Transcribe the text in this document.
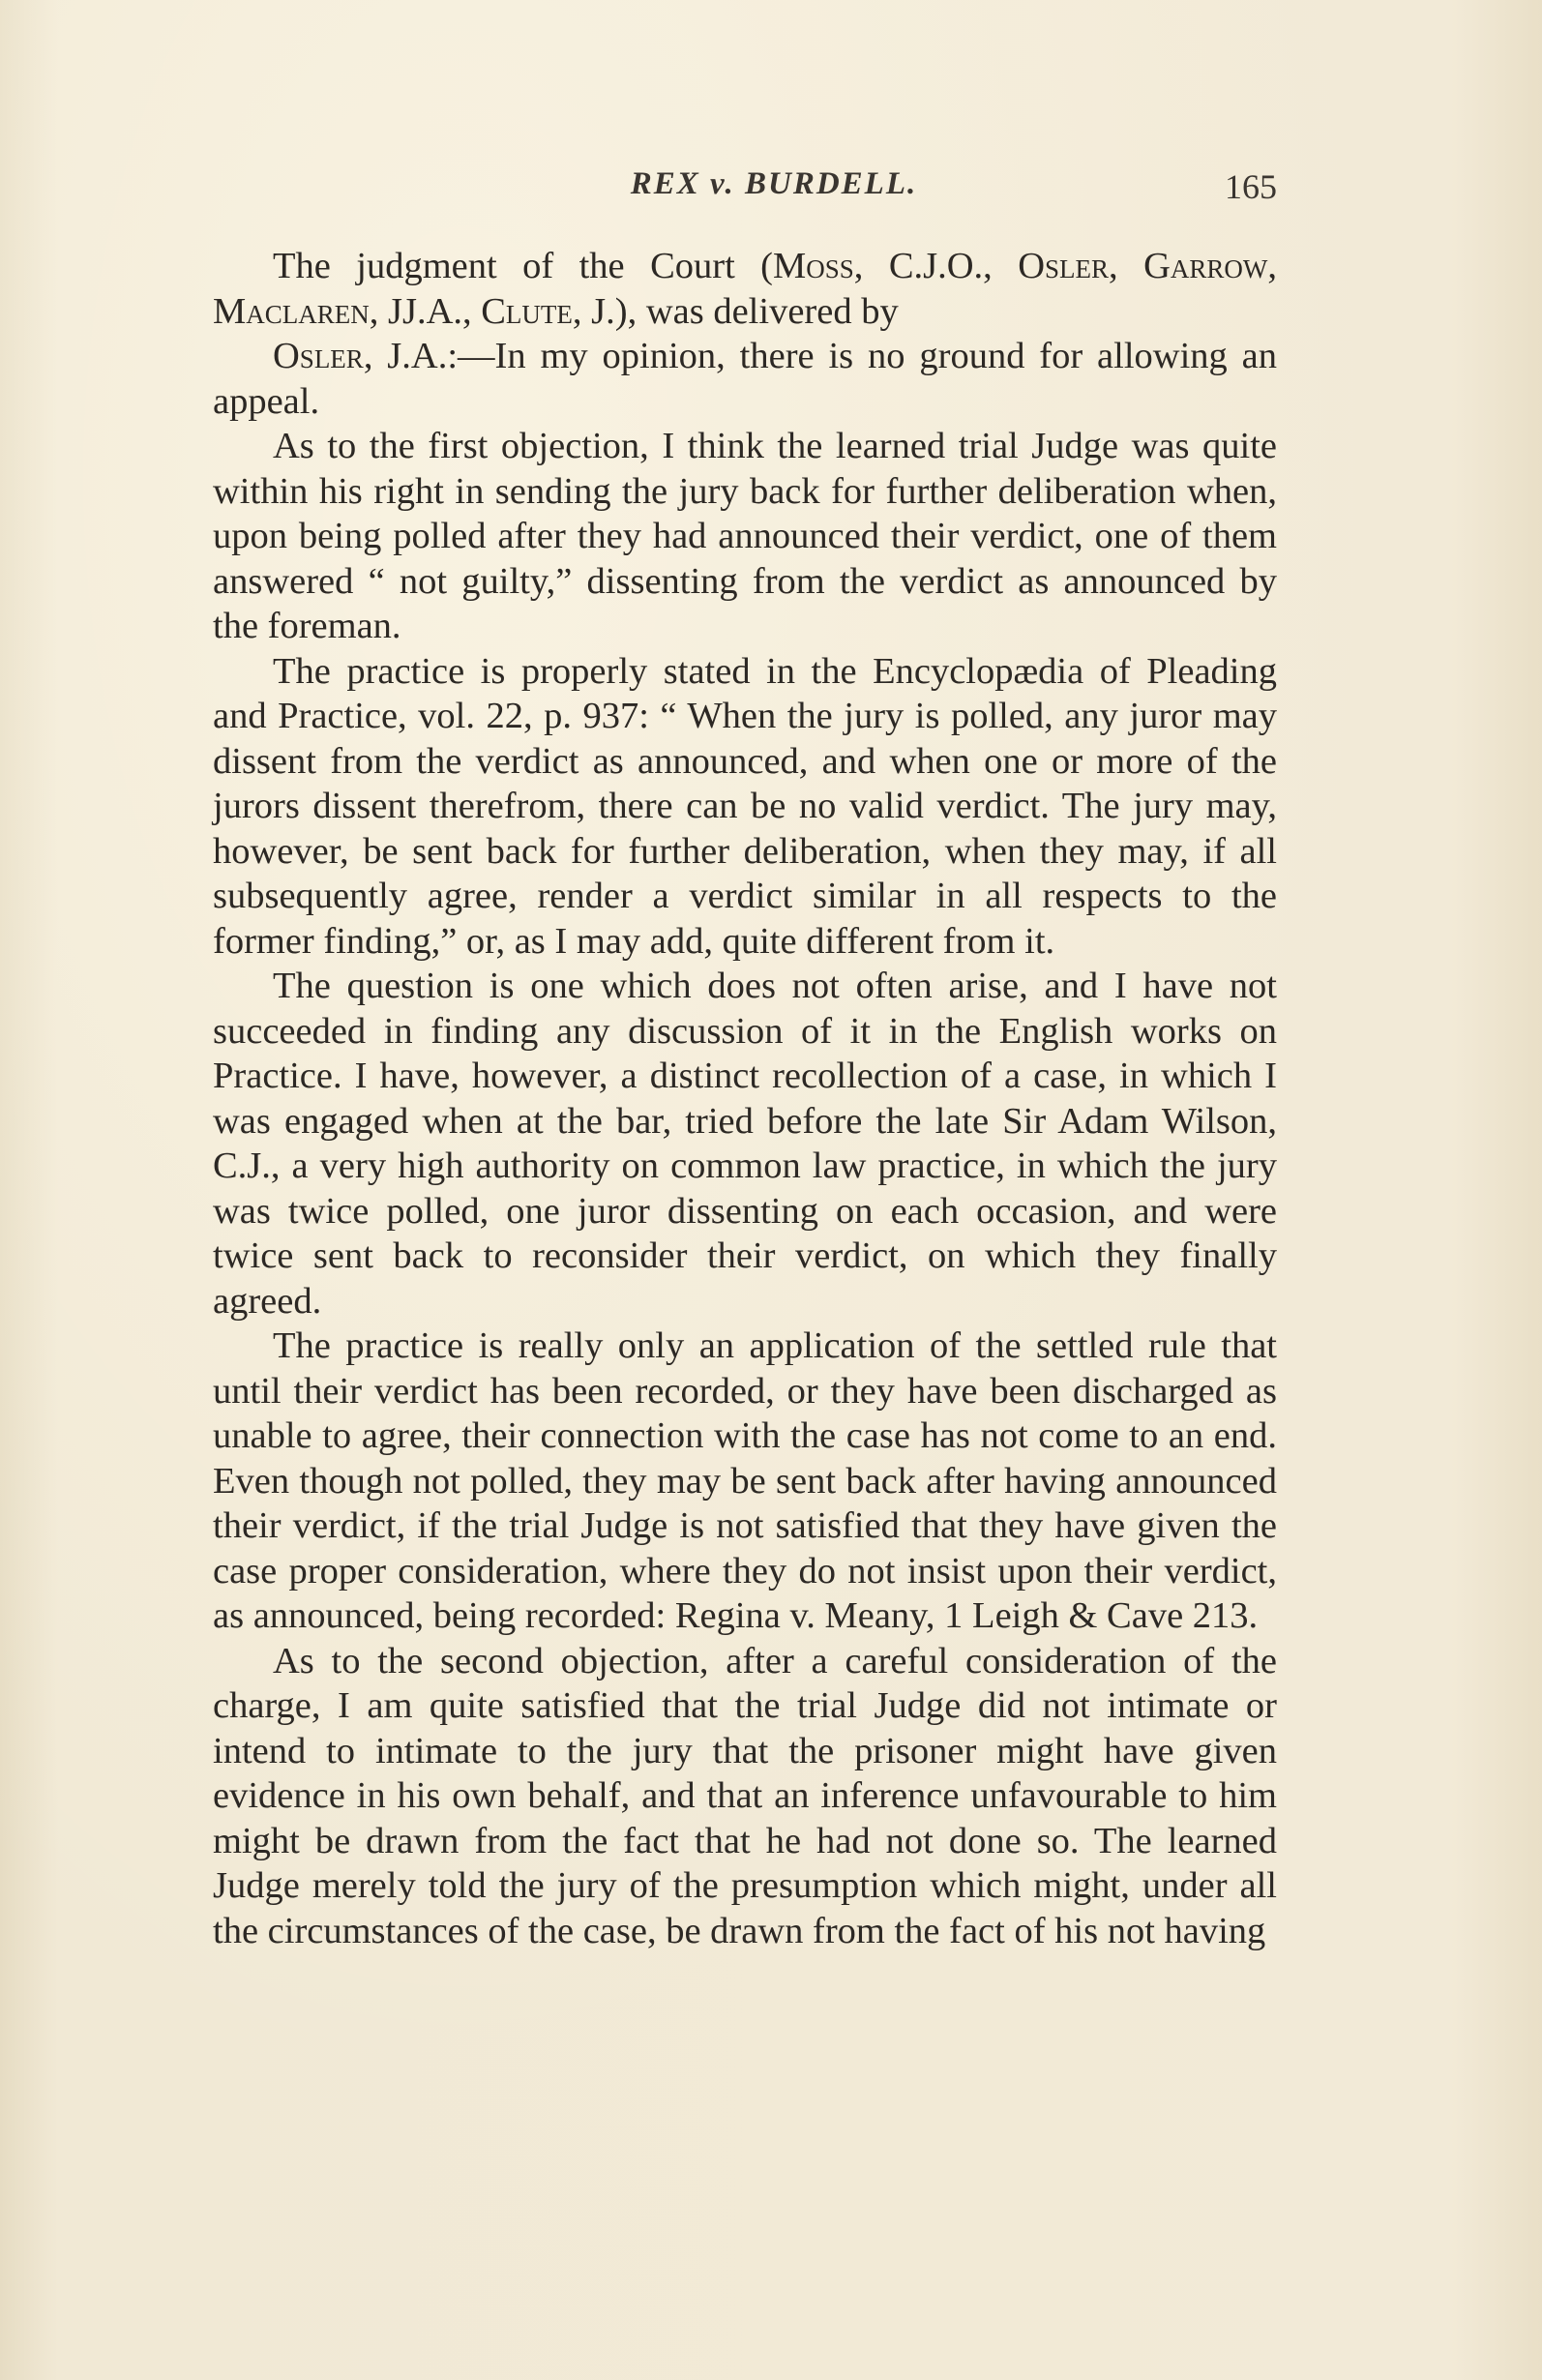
REX v. BURDELL.	165

The judgment of the Court (Moss, C.J.O., Osler, Garrow, Maclaren, JJ.A., Clute, J.), was delivered by

Osler, J.A.:—In my opinion, there is no ground for allowing an appeal.

As to the first objection, I think the learned trial Judge was quite within his right in sending the jury back for further deliberation when, upon being polled after they had announced their verdict, one of them answered “ not guilty,” dissenting from the verdict as announced by the foreman.

The practice is properly stated in the Encyclopædia of Pleading and Practice, vol. 22, p. 937: “ When the jury is polled, any juror may dissent from the verdict as announced, and when one or more of the jurors dissent therefrom, there can be no valid verdict. The jury may, however, be sent back for further deliberation, when they may, if all subsequently agree, render a verdict similar in all respects to the former finding,” or, as I may add, quite different from it.

The question is one which does not often arise, and I have not succeeded in finding any discussion of it in the English works on Practice. I have, however, a distinct recollection of a case, in which I was engaged when at the bar, tried before the late Sir Adam Wilson, C.J., a very high authority on common law practice, in which the jury was twice polled, one juror dissenting on each occasion, and were twice sent back to reconsider their verdict, on which they finally agreed.

The practice is really only an application of the settled rule that until their verdict has been recorded, or they have been discharged as unable to agree, their connection with the case has not come to an end. Even though not polled, they may be sent back after having announced their verdict, if the trial Judge is not satisfied that they have given the case proper consideration, where they do not insist upon their verdict, as announced, being recorded: Regina v. Meany, 1 Leigh & Cave 213.

As to the second objection, after a careful consideration of the charge, I am quite satisfied that the trial Judge did not intimate or intend to intimate to the jury that the prisoner might have given evidence in his own behalf, and that an inference unfavourable to him might be drawn from the fact that he had not done so. The learned Judge merely told the jury of the presumption which might, under all the circumstances of the case, be drawn from the fact of his not having
